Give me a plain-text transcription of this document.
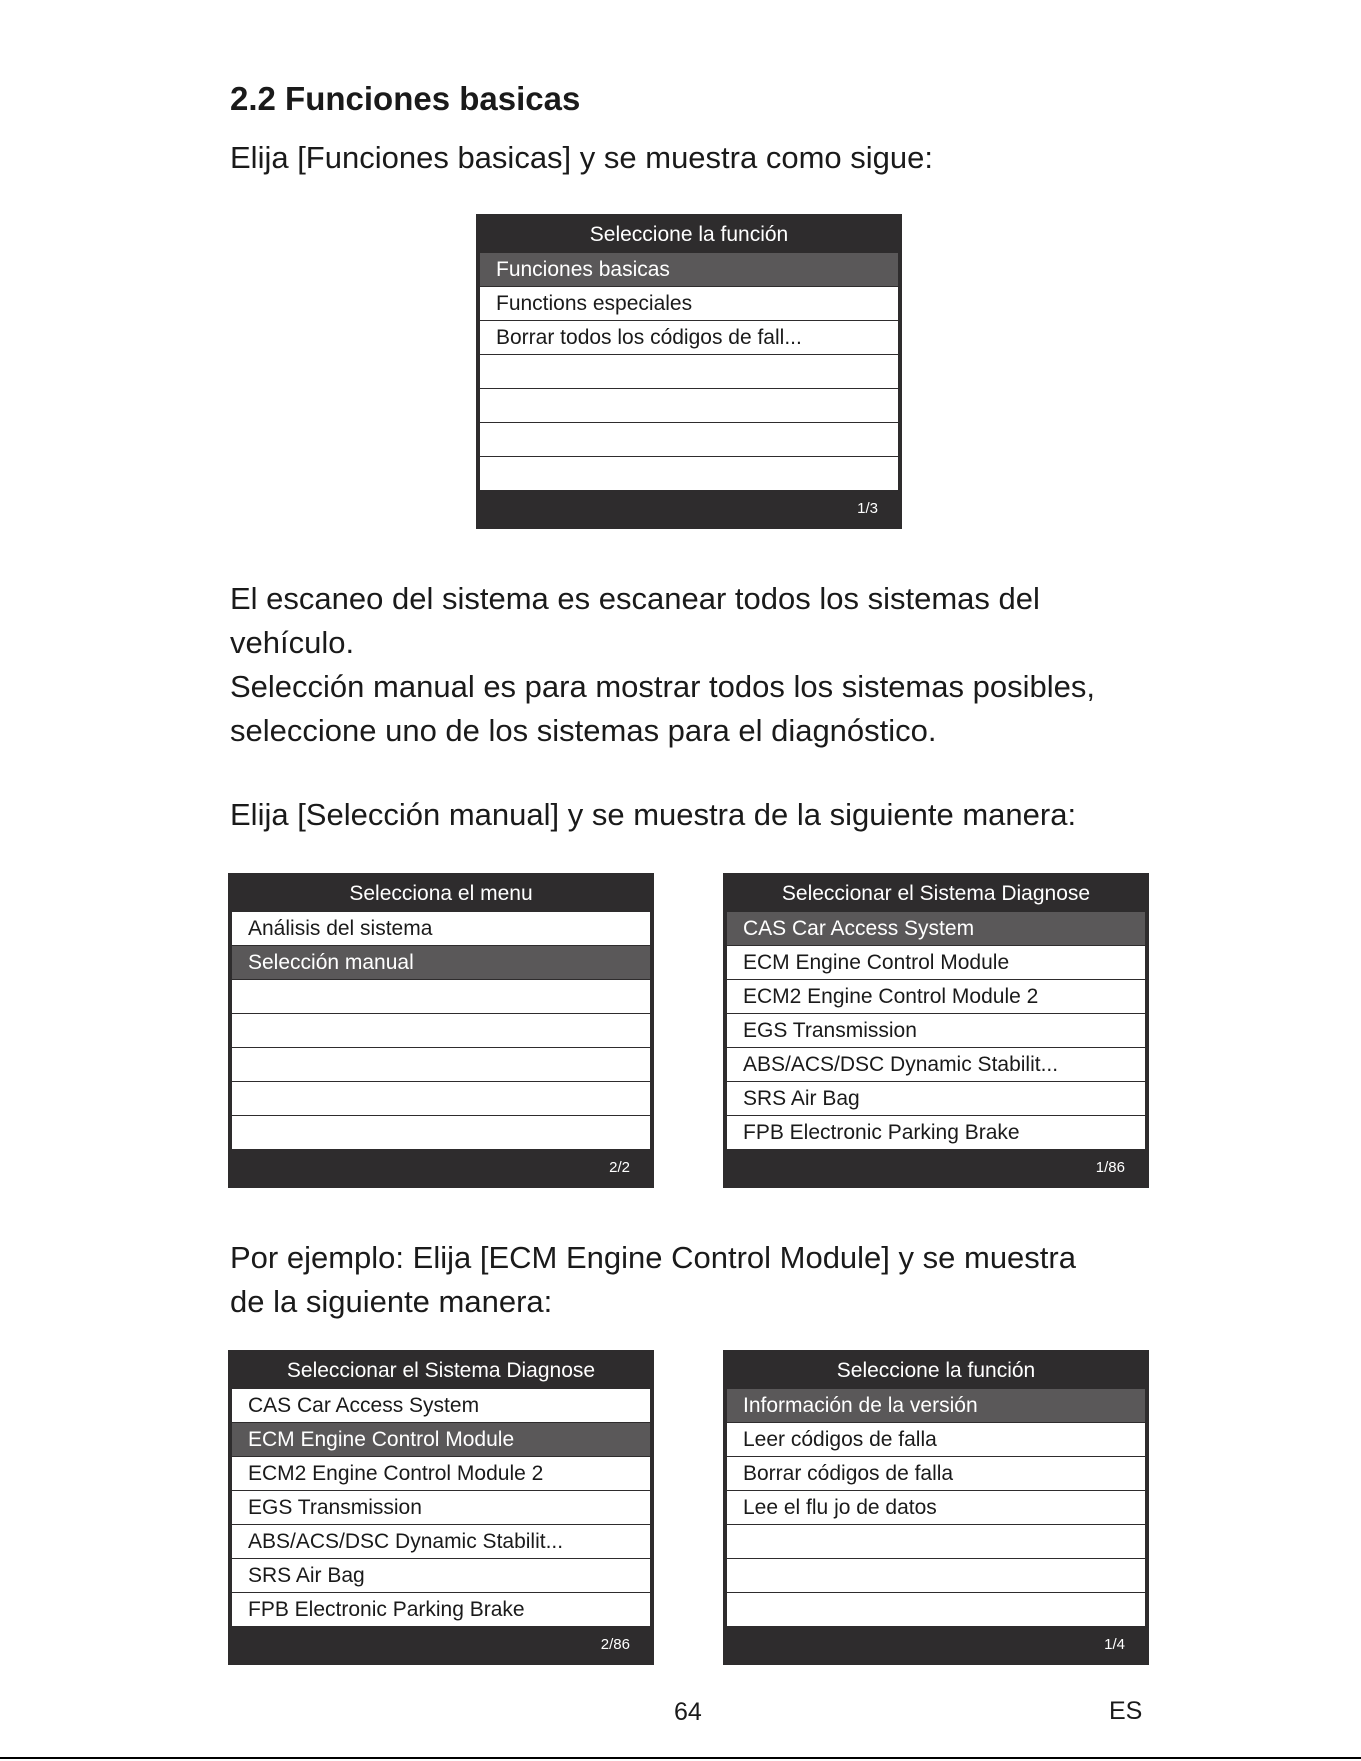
2.2 Funciones basicas
Elija [Funciones basicas] y se muestra como sigue:
Seleccione la función
Funciones basicas
Functions especiales
Borrar todos los códigos de fall...
1/3
El escaneo del sistema es escanear todos los sistemas del
vehículo.
Selección manual es para mostrar todos los sistemas posibles,
seleccione uno de los sistemas para el diagnóstico.
Elija [Selección manual] y se muestra de la siguiente manera:
Selecciona el menu
Análisis del sistema
Selección manual
2/2
Seleccionar el Sistema Diagnose
CAS Car Access System
ECM Engine Control Module
ECM2 Engine Control Module 2
EGS Transmission
ABS/ACS/DSC Dynamic Stabilit...
SRS Air Bag
FPB Electronic Parking Brake
1/86
Por ejemplo: Elija [ECM Engine Control Module] y se muestra
de la siguiente manera:
Seleccionar el Sistema Diagnose
CAS Car Access System
ECM Engine Control Module
ECM2 Engine Control Module 2
EGS Transmission
ABS/ACS/DSC Dynamic Stabilit...
SRS Air Bag
FPB Electronic Parking Brake
2/86
Seleccione la función
Información de la versión
Leer códigos de falla
Borrar códigos de falla
Lee el flu jo de datos
1/4
64	ES
